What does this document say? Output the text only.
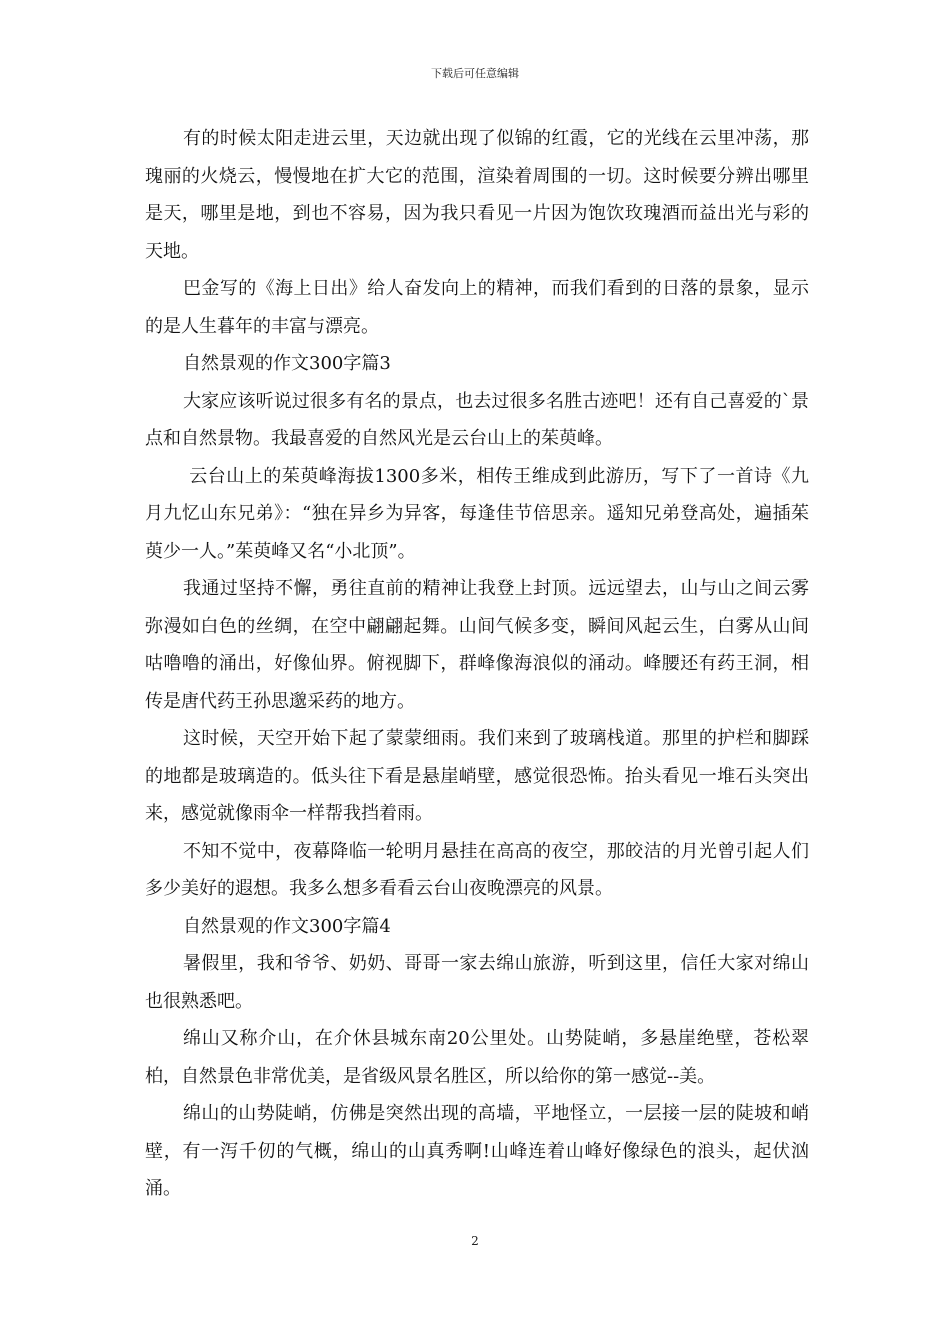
下载后可任意编辑

有的时候太阳走进云里，天边就出现了似锦的红霞，它的光线在云里冲荡，那瑰丽的火烧云，慢慢地在扩大它的范围，渲染着周围的一切。这时候要分辨出哪里是天，哪里是地，到也不容易，因为我只看见一片因为饱饮玫瑰酒而益出光与彩的天地。

巴金写的《海上日出》给人奋发向上的精神，而我们看到的日落的景象，显示的是人生暮年的丰富与漂亮。

自然景观的作文300字篇3

大家应该听说过很多有名的景点，也去过很多名胜古迹吧！还有自己喜爱的`景点和自然景物。我最喜爱的自然风光是云台山上的茱萸峰。

云台山上的茱萸峰海拔1300多米，相传王维成到此游历，写下了一首诗《九月九忆山东兄弟》：“独在异乡为异客，每逢佳节倍思亲。遥知兄弟登高处，遍插茱萸少一人。”茱萸峰又名“小北顶”。

我通过坚持不懈，勇往直前的精神让我登上封顶。远远望去，山与山之间云雾弥漫如白色的丝绸，在空中翩翩起舞。山间气候多变，瞬间风起云生，白雾从山间咕噜噜的涌出，好像仙界。俯视脚下，群峰像海浪似的涌动。峰腰还有药王洞，相传是唐代药王孙思邈采药的地方。

这时候，天空开始下起了蒙蒙细雨。我们来到了玻璃栈道。那里的护栏和脚踩的地都是玻璃造的。低头往下看是悬崖峭壁，感觉很恐怖。抬头看见一堆石头突出来，感觉就像雨伞一样帮我挡着雨。

不知不觉中，夜幕降临一轮明月悬挂在高高的夜空，那皎洁的月光曾引起人们多少美好的遐想。我多么想多看看云台山夜晚漂亮的风景。

自然景观的作文300字篇4

暑假里，我和爷爷、奶奶、哥哥一家去绵山旅游，听到这里，信任大家对绵山也很熟悉吧。

绵山又称介山，在介休县城东南20公里处。山势陡峭，多悬崖绝壁，苍松翠柏，自然景色非常优美，是省级风景名胜区，所以给你的第一感觉--美。

绵山的山势陡峭，仿佛是突然出现的高墙，平地怪立，一层接一层的陡坡和峭壁，有一泻千仞的气概，绵山的山真秀啊!山峰连着山峰好像绿色的浪头，起伏汹涌。

2
